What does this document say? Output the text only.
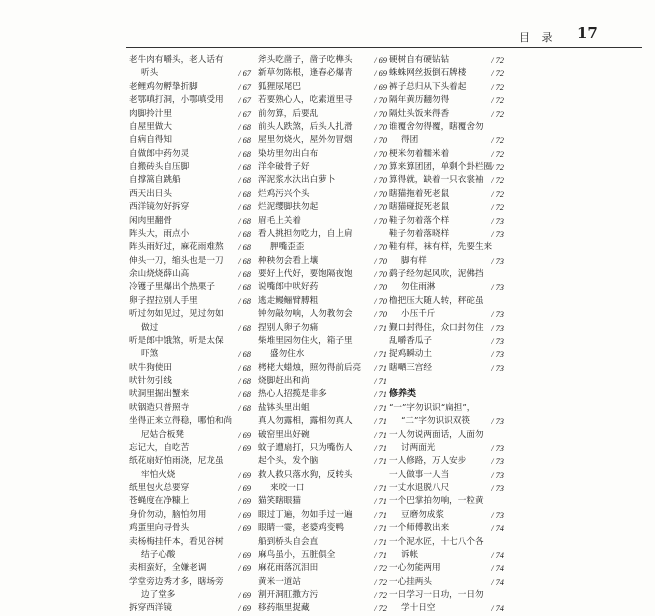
目 录 17
老牛肉有嚼头，老人话有
听头	/ 67
老鲤鸡勿孵挚折脚	/ 67
老鄂嗔打洞，小鄂嗔受用 / 67
肉脚拎汁里	/ 67
自屋里做大	/ 68
自病自得知	/ 68
自做郎中药勿灵	/ 68
自搬砖头自压脚	/ 68
自撑篙自跳船	/ 68
西天出日头	/ 68
西洋镜勿好拆穿	/ 68
闲肉里翻骨	/ 68
阵头大，雨点小	/ 68
阵头雨好过，麻花雨难熬 / 68
伸头一刀，缩头也是一刀 / 68
余山烧烧薛山高	/ 68
冷镬子里爆出个热栗子	/ 68
卵子捏拉别人手里	/ 68
听过勿如见过，见过勿如
做过	/ 68
听是郎中饿煞，听是太保
吓煞	/ 68
吠牛狗使田	/ 68
吠针勿引线	/ 68
吠洞里掘出蟹来	/ 68
吠铟造只普照寺	/ 68
坐得正来立得稳，哪怕和尚
尼姑合板凳	/ 69
忘记大，自吃苦	/ 69
纸花扇好怕雨浇，尼龙虽
牢怕火烧	/ 69
纸里包火总要穿	/ 69
苍蝇度在净糠上	/ 69
身价勿动，脑怕勿用	/ 69
鸡蛋里向寻骨头	/ 69
卖杨梅挂仟本，看见谷树
结子心酸	/ 69
卖相蛮好，全嫌老调	/ 69
学堂旁边秀才多，瞎场旁
边了堂多	/ 69
拆穿西洋镜	/ 69
斧头吃凿子，凿子吃榫头	/ 69
新草勿陈根，逢春必爆青	/ 69
狐狸尿尾巴	/ 69
若要熟心人，吃素道里寻	/ 70
前勿算，后要乱	/ 70
前头人跌煞，后头人扎滑	/ 70
屋里勿烧火，屋外勿冒烟	/ 70
染坊里勿出白布	/ 70
洋伞破骨子好	/ 70
浑泥浆水汏出白萝卜	/ 70
烂鸡污兴个头	/ 70
烂泥缨脚扶勿起	/ 70
眉毛上关着	/ 70
看人挑担勿吃力，自上肩
胛嘴歪歪	/ 70
种秧勿会看上壤	/ 70
要好上代好，要饱隔夜饱	/ 70
说嘴郎中吠好药	/ 70
逃走鳗鲡臂膊粗	/ 70
钟勿敲勿响，人勿教勿会	/ 70
捏别人卵子勿痛	/ 71
柴堆里园勿住火，箱子里
盛勿住水	/ 71
栲栳大蜡烛，照勿得前后亮 / 71
烧脚赶出和尚	/ 71
热心人招揽是非多	/ 71
盐钵头里出蛆	/ 71
真人勿露相，露相勿真人	/ 71
破窑里出好碗	/ 71
蚊子遭扇打，只为嘴伤人	/ 71
起个头，发个脑	/ 71
救人救只落水狗，反转头
来咬一口	/ 71
猫笑瞎眼猫	/ 71
眼过丁遍，勿如手过一遍	/ 71
眼睛一霎，老婆鸡变鸭	/ 71
船到桥头自会直	/ 71
麻鸟虽小，五脏俱全	/ 71
麻花雨落沉泪田	/ 72
黄米一道站	/ 72
割开洞肛撒方污	/ 72
移药瓶里捉藏	/ 72
硬树自有硬钻钻	/ 72
蛛蛛网丝扳倒石牌楼	/ 72
裤子总归从下头着起	/ 72
隔年黄历翻勿得	/ 72
隔灶头饭来得香	/ 72
谁覆舍勿得覆，瞎覆舍勿
得团	/ 72
梗米勿着糯米着	/ 72
算来算团团，单剩个卦栏圈 / 72
算得就，缺着一只衣裳袖 / 72
瞎猫拖着死老鼠	/ 72
瞎猫碰捉死老鼠	/ 72
鞋子勿着落个样	/ 73
鞋子勿着落晓样	/ 73
鞋有样，袜有样，先要生来
脚有样	/ 73
鹞子经勿起风吹，泥佛挡
勿住雨淋	/ 73
橹把压大随人转，秤砣虽
小压千斤	/ 73
觐口封得住，众口封勿住 / 73
乱嚼香瓜子	/ 73
捉鸡瞬动土	/ 73
瞎嗮三宫经	/ 73
修养类
“一”字勿识识“扁担”，
“二”字勿识识双筷	/ 73
一人勿说两面话，人面勿
讨两面光	/ 73
一人修路，万人安步	/ 73
一人做事一人当	/ 73
一丈水退脱八尺	/ 73
一个巴掌拍勿响，一粒黄
豆磨勿成浆	/ 73
一个师傅教出来	/ 74
一个泥水匠，十七八个各
诉帐	/ 74
一心勿能两用	/ 74
一心挂两头	/ 74
一日学习一日功，一日勿
学十日空	/ 74
